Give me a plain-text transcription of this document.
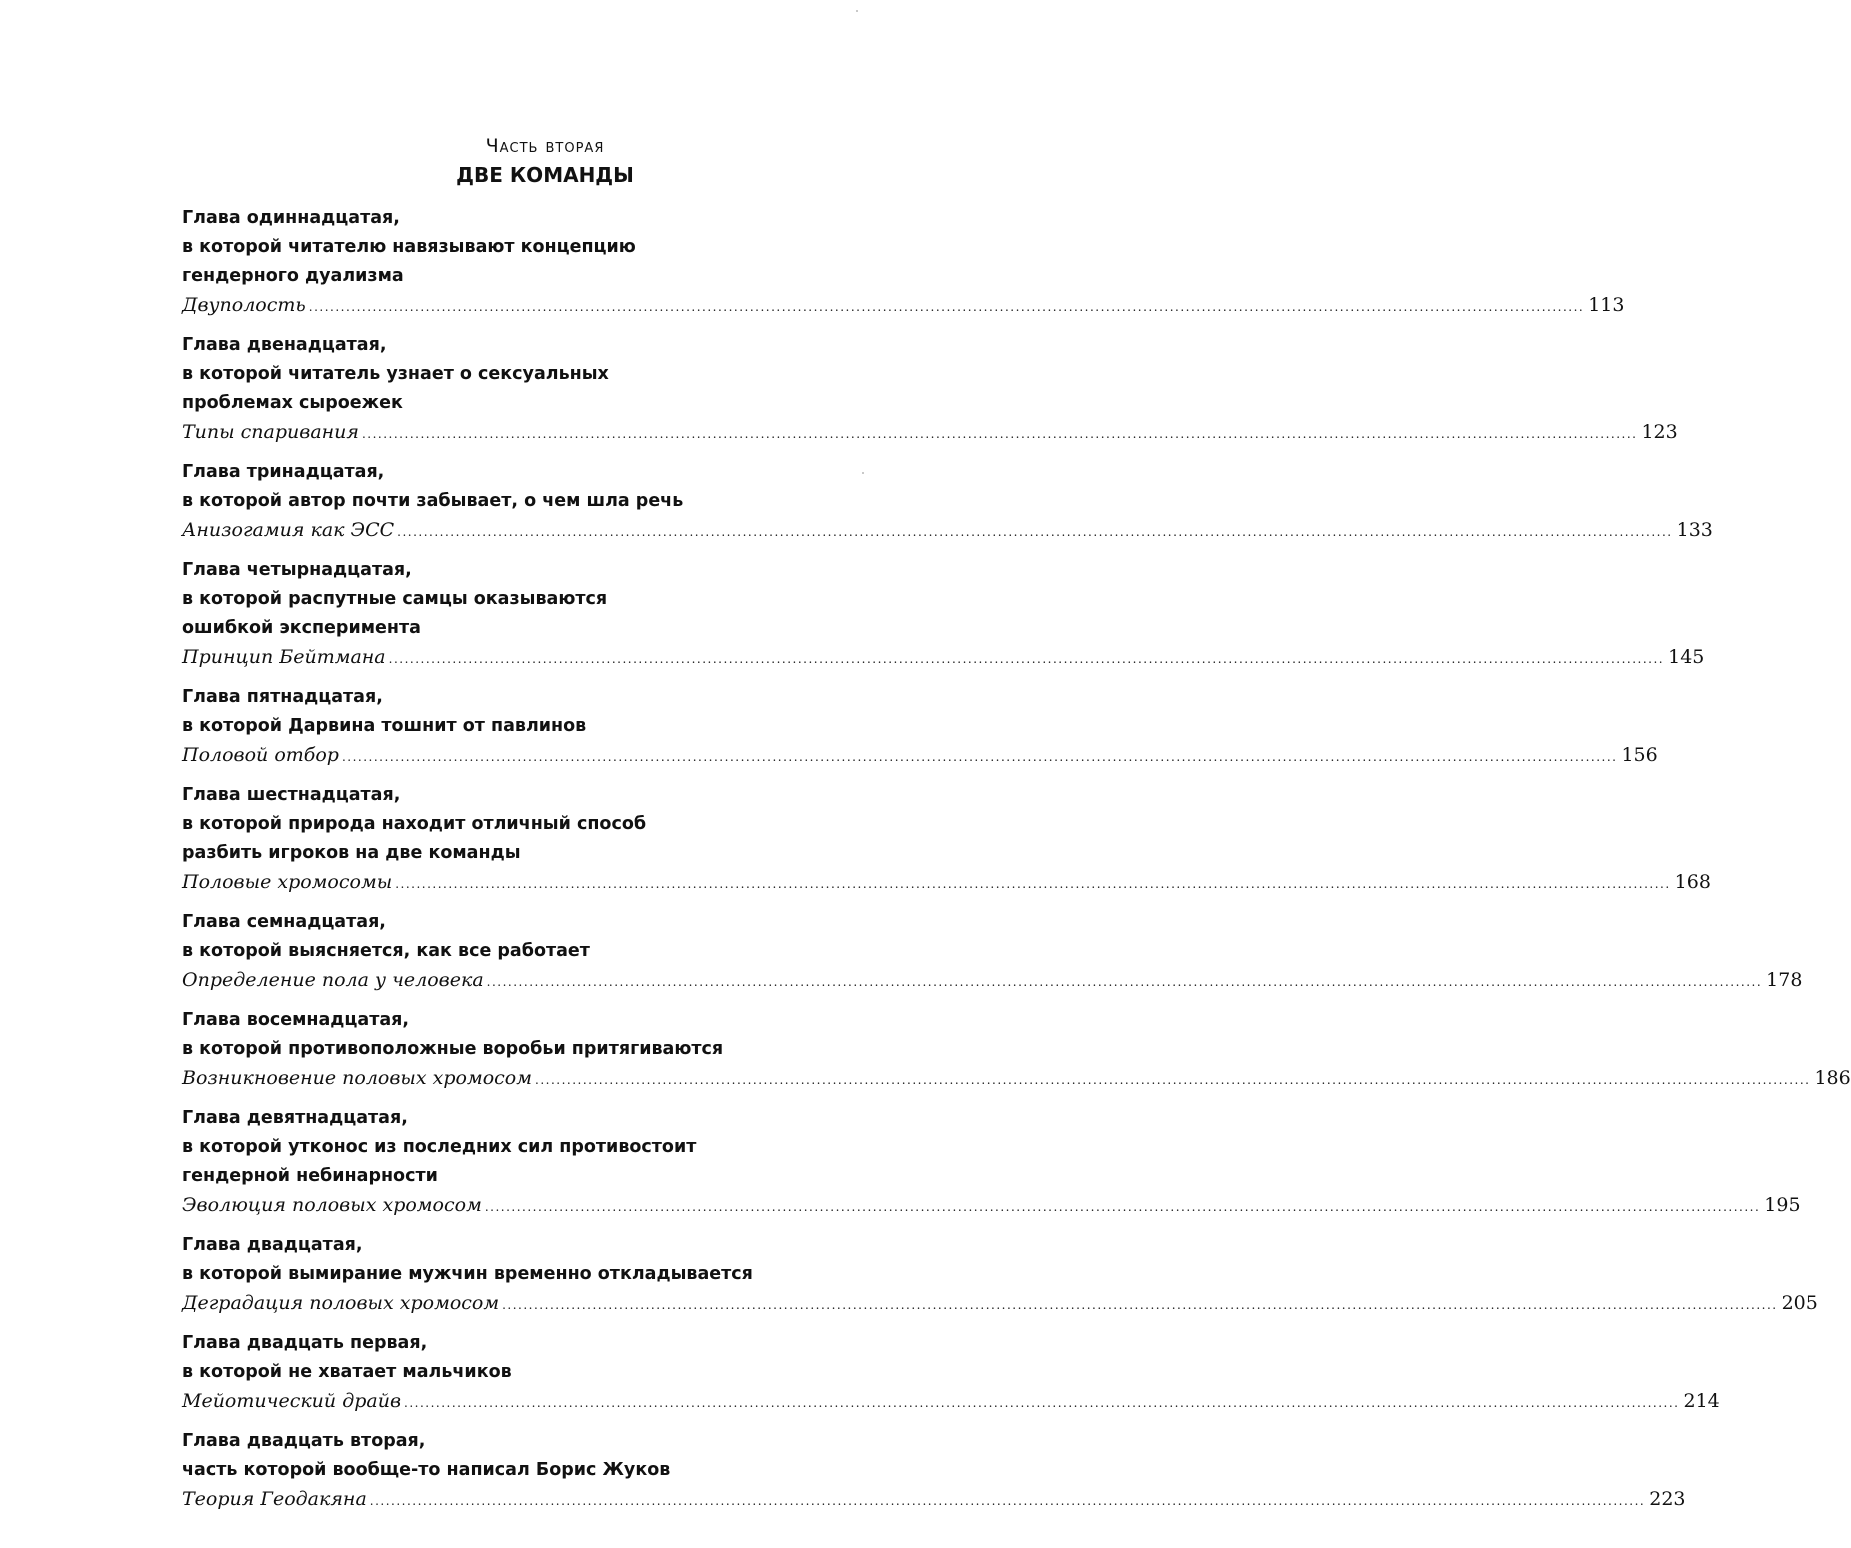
Часть вторая
ДВЕ КОМАНДЫ
Глава одиннадцатая,
в которой читателю навязывают концепцию
гендерного дуализма
Двуполость ................................................................................................................................................................................................................................................ 113
Глава двенадцатая,
в которой читатель узнает о сексуальных
проблемах сыроежек
Типы спаривания ................................................................................................................................................................................................................................................ 123
Глава тринадцатая,
в которой автор почти забывает, о чем шла речь
Анизогамия как ЭСС ................................................................................................................................................................................................................................................ 133
Глава четырнадцатая,
в которой распутные самцы оказываются
ошибкой эксперимента
Принцип Бейтмана ................................................................................................................................................................................................................................................ 145
Глава пятнадцатая,
в которой Дарвина тошнит от павлинов
Половой отбор ................................................................................................................................................................................................................................................ 156
Глава шестнадцатая,
в которой природа находит отличный способ
разбить игроков на две команды
Половые хромосомы ................................................................................................................................................................................................................................................ 168
Глава семнадцатая,
в которой выясняется, как все работает
Определение пола у человека ................................................................................................................................................................................................................................................ 178
Глава восемнадцатая,
в которой противоположные воробьи притягиваются
Возникновение половых хромосом ................................................................................................................................................................................................................................................ 186
Глава девятнадцатая,
в которой утконос из последних сил противостоит
гендерной небинарности
Эволюция половых хромосом ................................................................................................................................................................................................................................................ 195
Глава двадцатая,
в которой вымирание мужчин временно откладывается
Деградация половых хромосом ................................................................................................................................................................................................................................................ 205
Глава двадцать первая,
в которой не хватает мальчиков
Мейотический драйв ................................................................................................................................................................................................................................................ 214
Глава двадцать вторая,
часть которой вообще-то написал Борис Жуков
Теория Геодакяна ................................................................................................................................................................................................................................................ 223
